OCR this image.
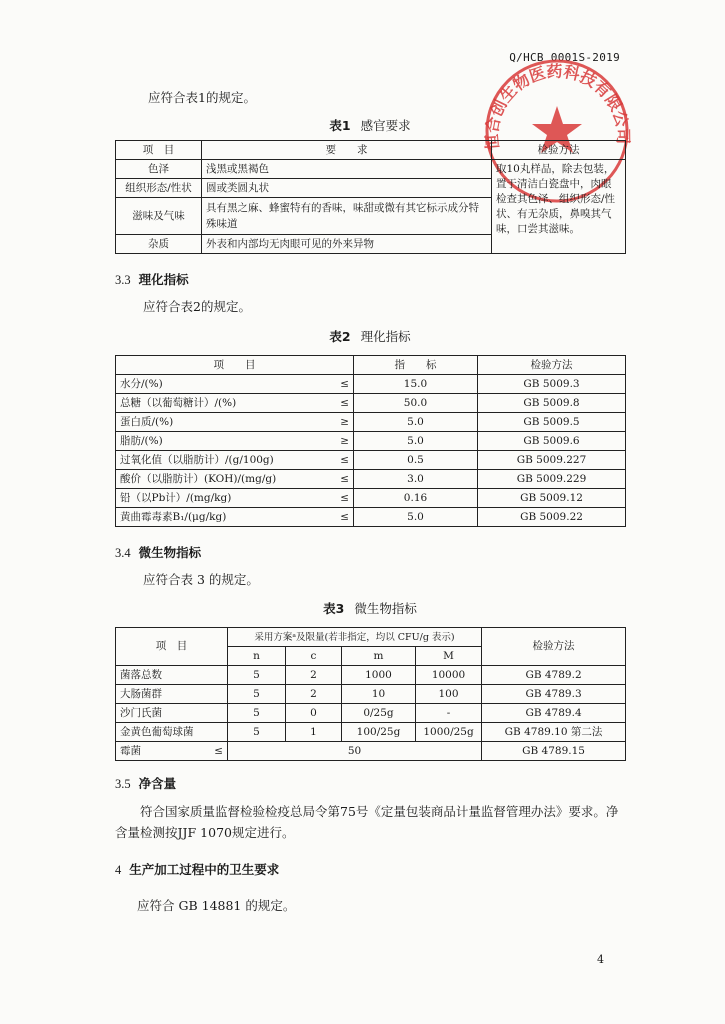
Q/HCB 0001S-2019
恒合创生物医药科技有限公司
应符合表1的规定。
表1 感官要求
项　目	要　　求	检验方法
色泽	浅黑或黑褐色	取10丸样品，除去包装，置于清洁白瓷盘中，肉眼检查其色泽、组织形态/性状、有无杂质，鼻嗅其气味，口尝其滋味。
组织形态/性状	圆或类圆丸状	
滋味及气味	具有黑之麻、蜂蜜特有的香味，味甜或微有其它标示成分特殊味道	
杂质	外表和内部均无肉眼可见的外来异物	
3.3 理化指标
应符合表2的规定。
表2 理化指标
项　　目	指　　标	检验方法
水分/(%) ≤	15.0	GB 5009.3
总糖（以葡萄糖计）/(%) ≤	50.0	GB 5009.8
蛋白质/(%) ≥	5.0	GB 5009.5
脂肪/(%) ≥	5.0	GB 5009.6
过氧化值（以脂肪计）/(g/100g) ≤	0.5	GB 5009.227
酸价（以脂肪计）(KOH)/(mg/g) ≤	3.0	GB 5009.229
铅（以Pb计）/(mg/kg) ≤	0.16	GB 5009.12
黄曲霉毒素B₁/(μg/kg) ≤	5.0	GB 5009.22
3.4 微生物指标
应符合表 3 的规定。
表3 微生物指标
项　目	采用方案ᵃ及限量(若非指定，均以 CFU/g 表示)				检验方法
	n	c	m	M	
菌落总数	5	2	1000	10000	GB 4789.2
大肠菌群	5	2	10	100	GB 4789.3
沙门氏菌	5	0	0/25g	-	GB 4789.4
金黄色葡萄球菌	5	1	100/25g	1000/25g	GB 4789.10 第二法
霉菌 ≤	50				GB 4789.15
3.5 净含量
符合国家质量监督检验检疫总局令第75号《定量包装商品计量监督管理办法》要求。净含量检测按JJF 1070规定进行。
4 生产加工过程中的卫生要求
应符合 GB 14881 的规定。
4
